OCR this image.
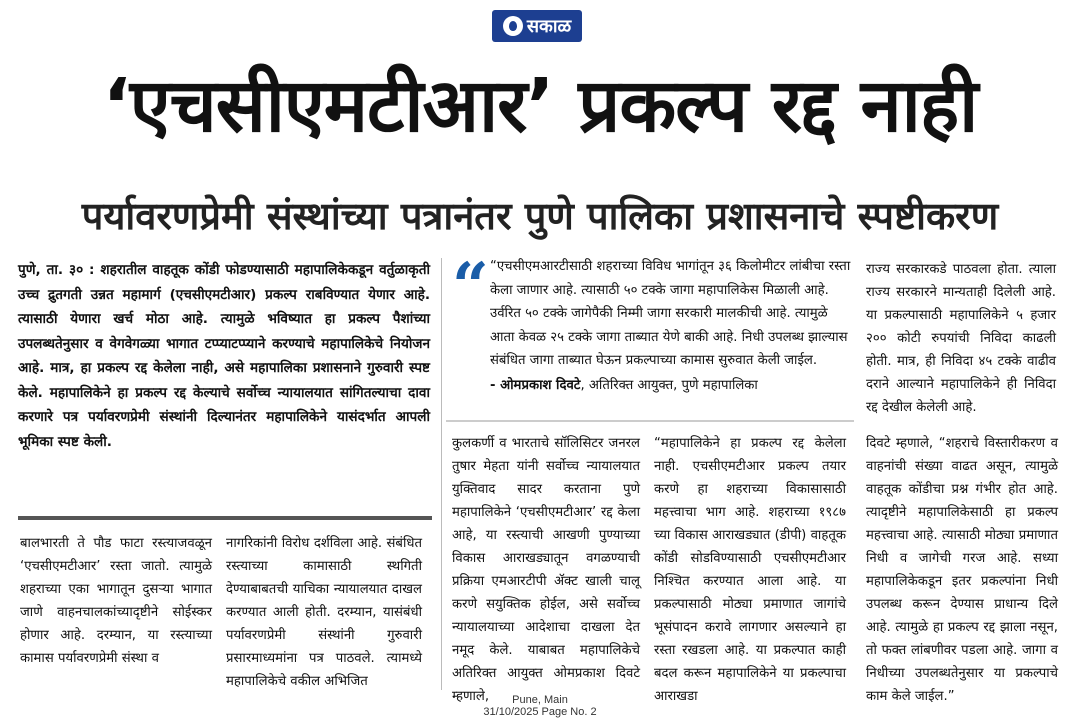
सकाळ
‘एचसीएमटीआर’ प्रकल्प रद्द नाही
पर्यावरणप्रेमी संस्थांच्या पत्रानंतर पुणे पालिका प्रशासनाचे स्पष्टीकरण
पुणे, ता. ३० : शहरातील वाहतूक कोंडी फोडण्यासाठी महापालिकेकडून वर्तुळाकृती उच्च द्रुतगती उन्नत महामार्ग (एचसीएमटीआर) प्रकल्प राबविण्यात येणार आहे. त्यासाठी येणारा खर्च मोठा आहे. त्यामुळे भविष्यात हा प्रकल्प पैशांच्या उपलब्धतेनुसार व वेगवेगळ्या भागात टप्प्याटप्प्याने करण्याचे महापालिकेचे नियोजन आहे. मात्र, हा प्रकल्प रद्द केलेला नाही, असे महापालिका प्रशासनाने गुरुवारी स्पष्ट केले. महापालिकेने हा प्रकल्प रद्द केल्याचे सर्वोच्च न्यायालयात सांगितल्याचा दावा करणारे पत्र पर्यावरणप्रेमी संस्थांनी दिल्यानंतर महापालिकेने यासंदर्भात आपली भूमिका स्पष्ट केली.
“ “एचसीएमआरटीसाठी शहराच्या विविध भागांतून ३६ किलोमीटर लांबीचा रस्ता केला जाणार आहे. त्यासाठी ५० टक्के जागा महापालिकेस मिळाली आहे. उर्वरित ५० टक्के जागेपैकी निम्मी जागा सरकारी मालकीची आहे. त्यामुळे आता केवळ २५ टक्के जागा ताब्यात येणे बाकी आहे. निधी उपलब्ध झाल्यास संबंधित जागा ताब्यात घेऊन प्रकल्पाच्या कामास सुरुवात केली जाईल.
- ओमप्रकाश दिवटे, अतिरिक्त आयुक्त, पुणे महापालिका
राज्य सरकारकडे पाठवला होता. त्याला राज्य सरकारने मान्यताही दिलेली आहे. या प्रकल्पासाठी महापालिकेने ५ हजार २०० कोटी रुपयांची निविदा काढली होती. मात्र, ही निविदा ४५ टक्के वाढीव दराने आल्याने महापालिकेने ही निविदा रद्द देखील केलेली आहे.
बालभारती ते पौड फाटा रस्त्याजवळून ‘एचसीएमटीआर’ रस्ता जातो. त्यामुळे शहराच्या एका भागातून दुसऱ्या भागात जाणे वाहनचालकांच्यादृष्टीने सोईस्कर होणार आहे. दरम्यान, या रस्त्याच्या कामास पर्यावरणप्रेमी संस्था व
नागरिकांनी विरोध दर्शविला आहे. संबंधित रस्त्याच्या कामासाठी स्थगिती देण्याबाबतची याचिका न्यायालयात दाखल करण्यात आली होती. दरम्यान, यासंबंधी पर्यावरणप्रेमी संस्थांनी गुरुवारी प्रसारमाध्यमांना पत्र पाठवले. त्यामध्ये महापालिकेचे वकील अभिजित
कुलकर्णी व भारताचे सॉलिसिटर जनरल तुषार मेहता यांनी सर्वोच्च न्यायालयात युक्तिवाद सादर करताना पुणे महापालिकेने ‘एचसीएमटीआर’ रद्द केला आहे, या रस्त्याची आखणी पुण्याच्या विकास आराखड्यातून वगळण्याची प्रक्रिया एमआरटीपी ॲक्ट खाली चालू करणे सयुक्तिक होईल, असे सर्वोच्च न्यायालयाच्या आदेशाचा दाखला देत नमूद केले. याबाबत महापालिकेचे अतिरिक्त आयुक्त ओमप्रकाश दिवटे म्हणाले,
“महापालिकेने हा प्रकल्प रद्द केलेला नाही. एचसीएमटीआर प्रकल्प तयार करणे हा शहराच्या विकासासाठी महत्त्वाचा भाग आहे. शहराच्या १९८७ च्या विकास आराखड्यात (डीपी) वाहतूक कोंडी सोडविण्यासाठी एचसीएमटीआर निश्चित करण्यात आला आहे. या प्रकल्पासाठी मोठ्या प्रमाणात जागांचे भूसंपादन करावे लागणार असल्याने हा रस्ता रखडला आहे. या प्रकल्पात काही बदल करून महापालिकेने या प्रकल्पाचा आराखडा
दिवटे म्हणाले, “शहराचे विस्तारीकरण व वाहनांची संख्या वाढत असून, त्यामुळे वाहतूक कोंडीचा प्रश्न गंभीर होत आहे. त्यादृष्टीने महापालिकेसाठी हा प्रकल्प महत्त्वाचा आहे. त्यासाठी मोठ्या प्रमाणात निधी व जागेची गरज आहे. सध्या महापालिकेकडून इतर प्रकल्पांना निधी उपलब्ध करून देण्यास प्राधान्य दिले आहे. त्यामुळे हा प्रकल्प रद्द झाला नसून, तो फक्त लांबणीवर पडला आहे. जागा व निधीच्या उपलब्धतेनुसार या प्रकल्पाचे काम केले जाईल.”
Pune, Main
31/10/2025 Page No. 2
